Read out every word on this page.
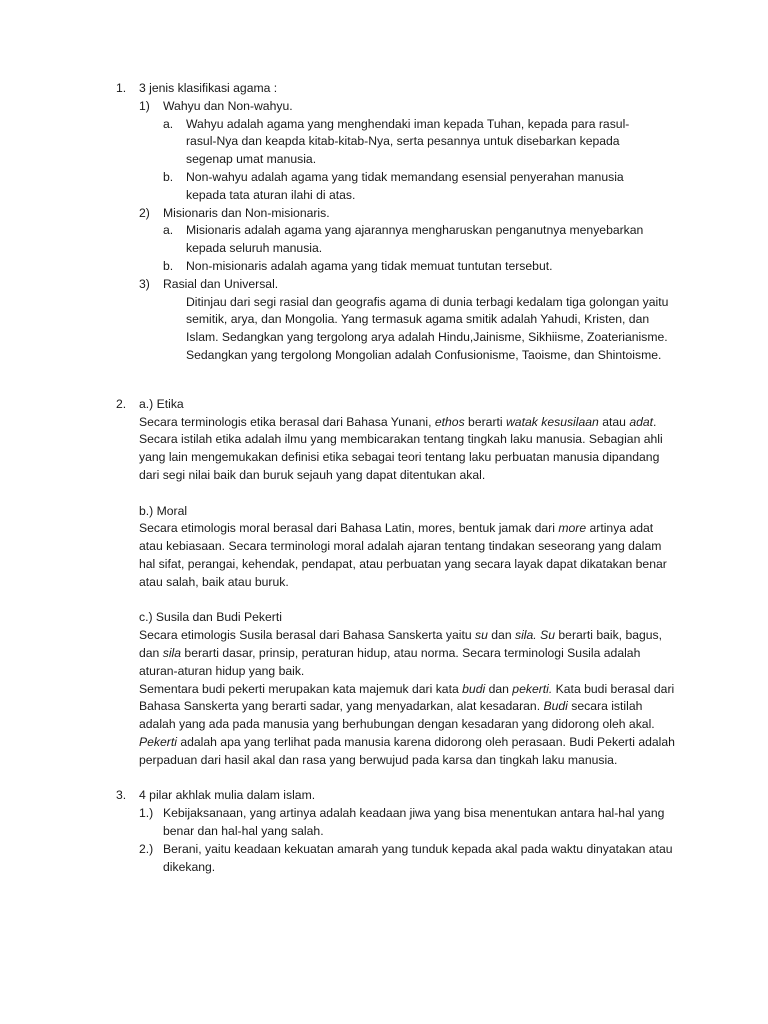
1. 3 jenis klasifikasi agama :
1) Wahyu dan Non-wahyu.
a. Wahyu adalah agama yang menghendaki iman kepada Tuhan, kepada para rasul-rasul-Nya dan keapda kitab-kitab-Nya, serta pesannya untuk disebarkan kepada segenap umat manusia.
b. Non-wahyu adalah agama yang tidak memandang esensial penyerahan manusia kepada tata aturan ilahi di atas.
2) Misionaris dan Non-misionaris.
a. Misionaris adalah agama yang ajarannya mengharuskan penganutnya menyebarkan kepada seluruh manusia.
b. Non-misionaris adalah agama yang tidak memuat tuntutan tersebut.
3) Rasial dan Universal.
Ditinjau dari segi rasial dan geografis agama di dunia terbagi kedalam tiga golongan yaitu semitik, arya, dan Mongolia. Yang termasuk agama smitik adalah Yahudi, Kristen, dan Islam. Sedangkan yang tergolong arya adalah Hindu,Jainisme, Sikhiisme, Zoaterianisme. Sedangkan yang tergolong Mongolian adalah Confusionisme, Taoisme, dan Shintoisme.
2. a.) Etika
Secara terminologis etika berasal dari Bahasa Yunani, ethos berarti watak kesusilaan atau adat. Secara istilah etika adalah ilmu yang membicarakan tentang tingkah laku manusia. Sebagian ahli yang lain mengemukakan definisi etika sebagai teori tentang laku perbuatan manusia dipandang dari segi nilai baik dan buruk sejauh yang dapat ditentukan akal.
b.) Moral
Secara etimologis moral berasal dari Bahasa Latin, mores, bentuk jamak dari more artinya adat atau kebiasaan. Secara terminologi moral adalah ajaran tentang tindakan seseorang yang dalam hal sifat, perangai, kehendak, pendapat, atau perbuatan yang secara layak dapat dikatakan benar atau salah, baik atau buruk.
c.) Susila dan Budi Pekerti
Secara etimologis Susila berasal dari Bahasa Sanskerta yaitu su dan sila. Su berarti baik, bagus, dan sila berarti dasar, prinsip, peraturan hidup, atau norma. Secara terminologi Susila adalah aturan-aturan hidup yang baik.
Sementara budi pekerti merupakan kata majemuk dari kata budi dan pekerti. Kata budi berasal dari Bahasa Sanskerta yang berarti sadar, yang menyadarkan, alat kesadaran. Budi secara istilah adalah yang ada pada manusia yang berhubungan dengan kesadaran yang didorong oleh akal. Pekerti adalah apa yang terlihat pada manusia karena didorong oleh perasaan. Budi Pekerti adalah perpaduan dari hasil akal dan rasa yang berwujud pada karsa dan tingkah laku manusia.
3. 4 pilar akhlak mulia dalam islam.
1.) Kebijaksanaan, yang artinya adalah keadaan jiwa yang bisa menentukan antara hal-hal yang benar dan hal-hal yang salah.
2.) Berani, yaitu keadaan kekuatan amarah yang tunduk kepada akal pada waktu dinyatakan atau dikekang.
